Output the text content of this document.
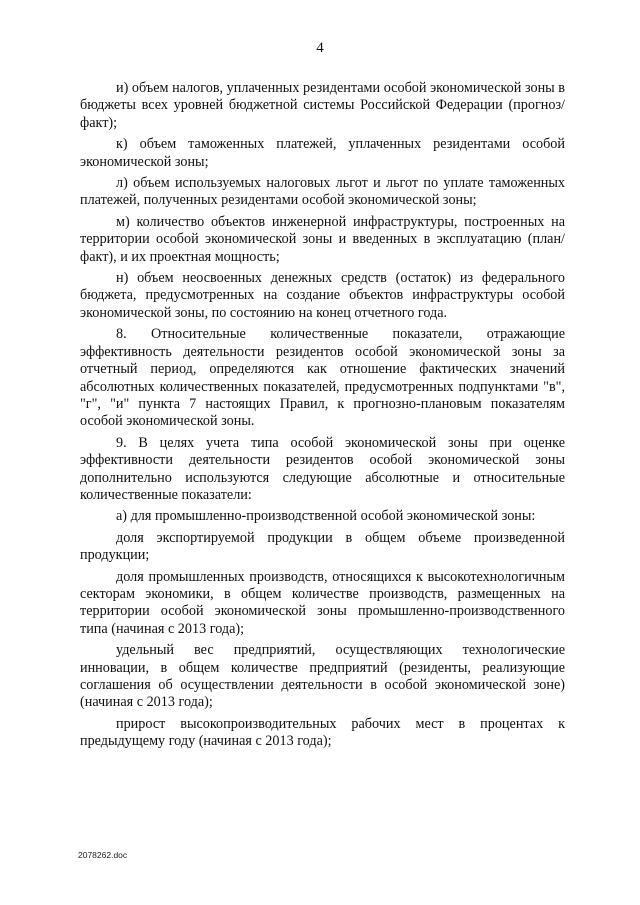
4

и) объем налогов, уплаченных резидентами особой экономической зоны в бюджеты всех уровней бюджетной системы Российской Федерации (прогноз/факт);

к) объем таможенных платежей, уплаченных резидентами особой экономической зоны;

л) объем используемых налоговых льгот и льгот по уплате таможенных платежей, полученных резидентами особой экономической зоны;

м) количество объектов инженерной инфраструктуры, построенных на территории особой экономической зоны и введенных в эксплуатацию (план/факт), и их проектная мощность;

н) объем неосвоенных денежных средств (остаток) из федерального бюджета, предусмотренных на создание объектов инфраструктуры особой экономической зоны, по состоянию на конец отчетного года.

8. Относительные количественные показатели, отражающие эффективность деятельности резидентов особой экономической зоны за отчетный период, определяются как отношение фактических значений абсолютных количественных показателей, предусмотренных подпунктами "в", "г", "и" пункта 7 настоящих Правил, к прогнозно-плановым показателям особой экономической зоны.

9. В целях учета типа особой экономической зоны при оценке эффективности деятельности резидентов особой экономической зоны дополнительно используются следующие абсолютные и относительные количественные показатели:

а) для промышленно-производственной особой экономической зоны:

доля экспортируемой продукции в общем объеме произведенной продукции;

доля промышленных производств, относящихся к высокотехнологичным секторам экономики, в общем количестве производств, размещенных на территории особой экономической зоны промышленно-производственного типа (начиная с 2013 года);

удельный вес предприятий, осуществляющих технологические инновации, в общем количестве предприятий (резиденты, реализующие соглашения об осуществлении деятельности в особой экономической зоне) (начиная с 2013 года);

прирост высокопроизводительных рабочих мест в процентах к предыдущему году (начиная с 2013 года);

2078262.doc
